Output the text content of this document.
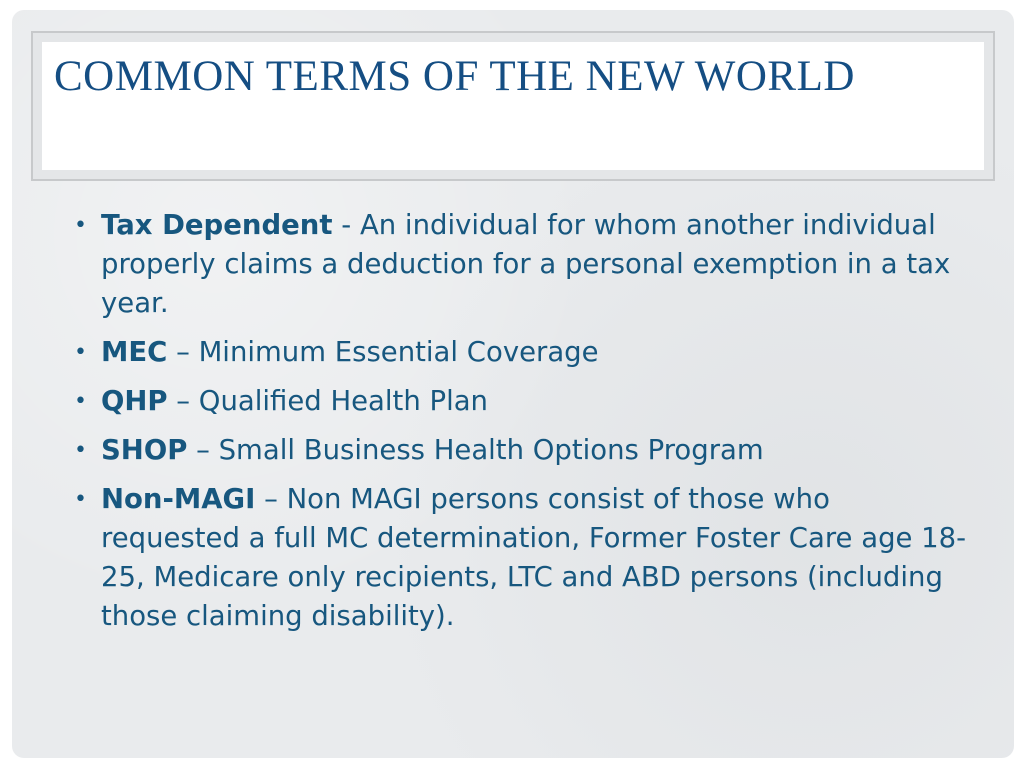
COMMON TERMS OF THE NEW WORLD
• Tax Dependent - An individual for whom another individual properly claims a deduction for a personal exemption in a tax year.
• MEC – Minimum Essential Coverage
• QHP – Qualified Health Plan
• SHOP – Small Business Health Options Program
• Non-MAGI – Non MAGI persons consist of those who requested a full MC determination, Former Foster Care age 18-25, Medicare only recipients, LTC and ABD persons (including those claiming disability).
